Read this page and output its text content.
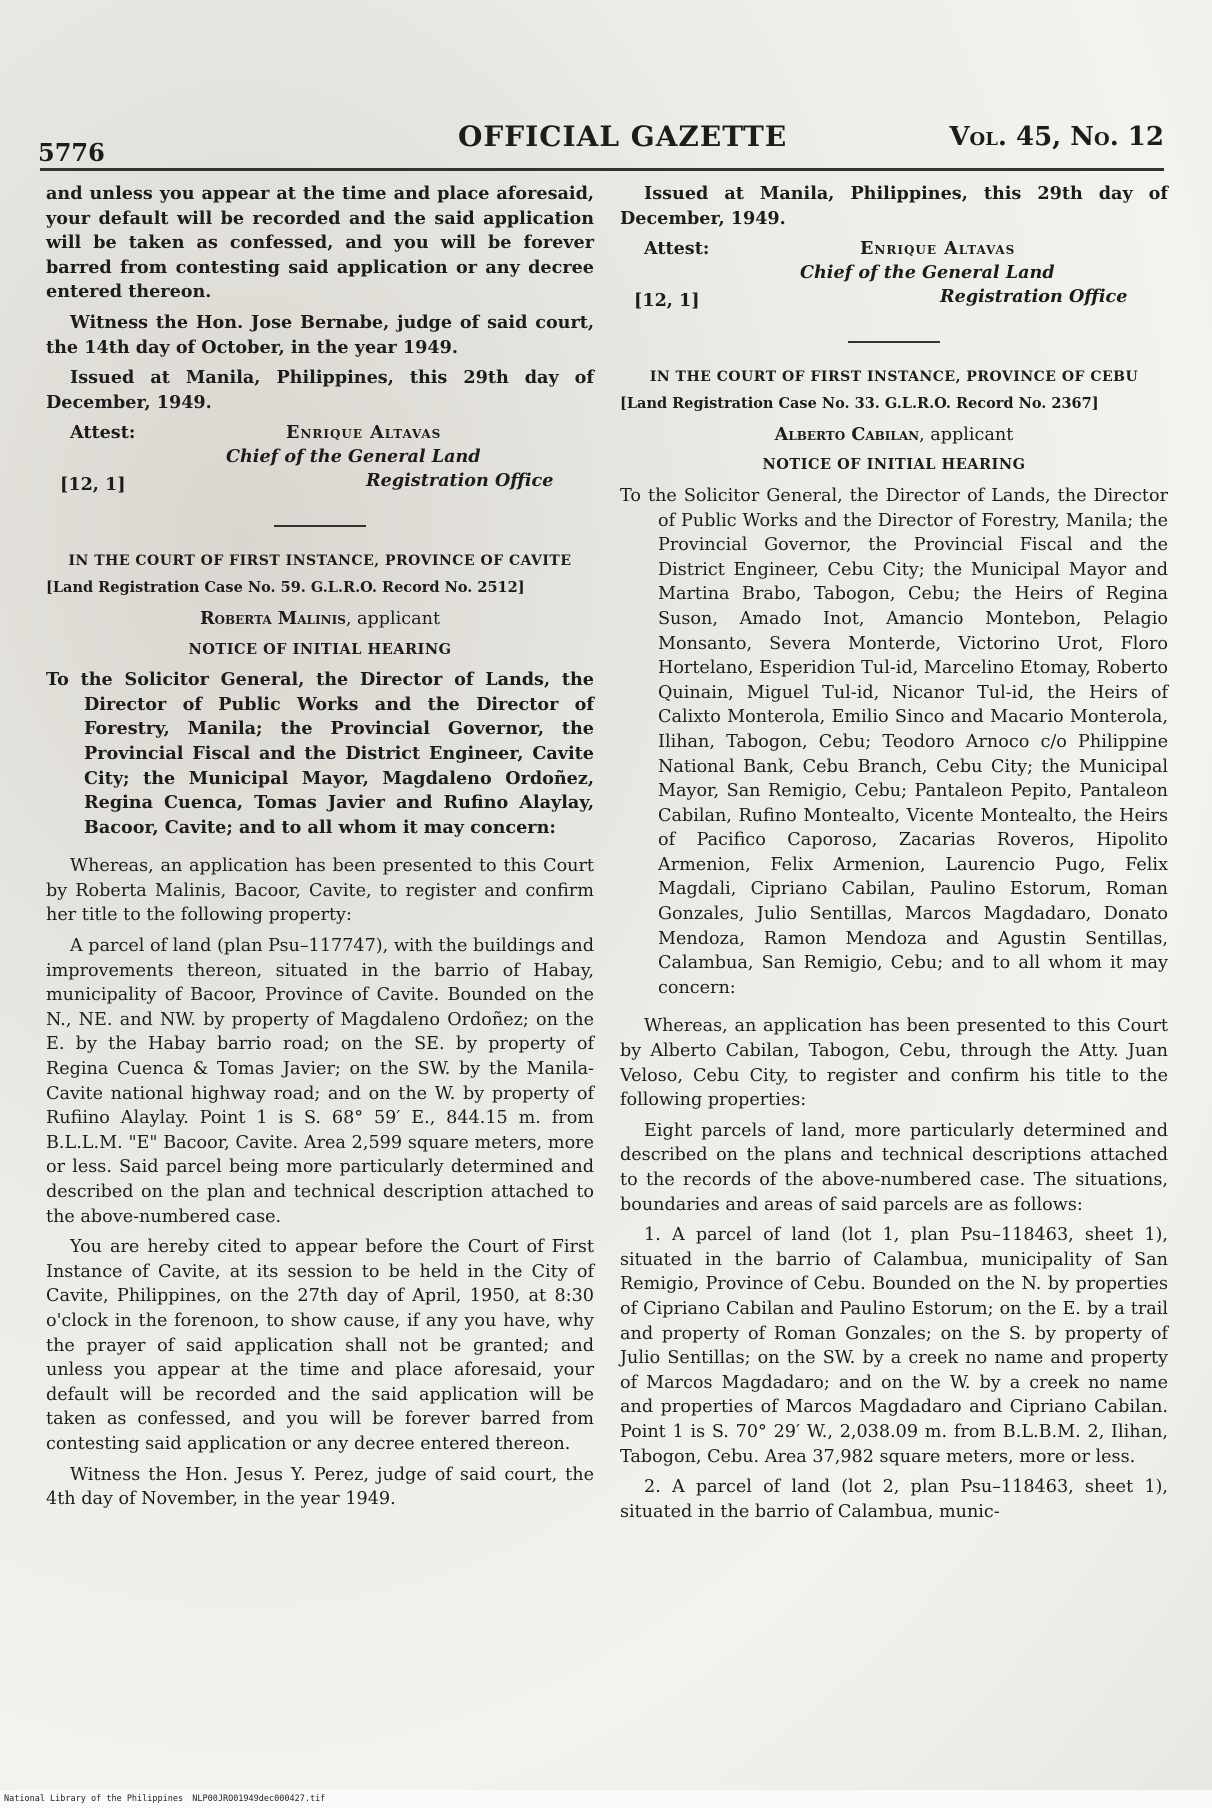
5776	OFFICIAL GAZETTE	Vol. 45, No. 12

and unless you appear at the time and place aforesaid, your default will be recorded and the said application will be taken as confessed, and you will be forever barred from contesting said application or any decree entered thereon.

Witness the Hon. Jose Bernabe, judge of said court, the 14th day of October, in the year 1949.

Issued at Manila, Philippines, this 29th day of December, 1949.

Attest:	Enrique Altavas
Chief of the General Land
[12, 1]	Registration Office

IN THE COURT OF FIRST INSTANCE, PROVINCE OF CAVITE

[Land Registration Case No. 59. G.L.R.O. Record No. 2512]

Roberta Malinis, applicant

NOTICE OF INITIAL HEARING

To the Solicitor General, the Director of Lands, the Director of Public Works and the Director of Forestry, Manila; the Provincial Governor, the Provincial Fiscal and the District Engineer, Cavite City; the Municipal Mayor, Magdaleno Ordoñez, Regina Cuenca, Tomas Javier and Rufino Alaylay, Bacoor, Cavite; and to all whom it may concern:

Whereas, an application has been presented to this Court by Roberta Malinis, Bacoor, Cavite, to register and confirm her title to the following property:

A parcel of land (plan Psu–117747), with the buildings and improvements thereon, situated in the barrio of Habay, municipality of Bacoor, Province of Cavite. Bounded on the N., NE. and NW. by property of Magdaleno Ordoñez; on the E. by the Habay barrio road; on the SE. by property of Regina Cuenca & Tomas Javier; on the SW. by the Manila-Cavite national highway road; and on the W. by property of Rufiino Alaylay. Point 1 is S. 68° 59′ E., 844.15 m. from B.L.L.M. "E" Bacoor, Cavite. Area 2,599 square meters, more or less. Said parcel being more particularly determined and described on the plan and technical description attached to the above-numbered case.

You are hereby cited to appear before the Court of First Instance of Cavite, at its session to be held in the City of Cavite, Philippines, on the 27th day of April, 1950, at 8:30 o'clock in the forenoon, to show cause, if any you have, why the prayer of said application shall not be granted; and unless you appear at the time and place aforesaid, your default will be recorded and the said application will be taken as confessed, and you will be forever barred from contesting said application or any decree entered thereon.

Witness the Hon. Jesus Y. Perez, judge of said court, the 4th day of November, in the year 1949.

Issued at Manila, Philippines, this 29th day of December, 1949.

Attest:	Enrique Altavas
Chief of the General Land
[12, 1]	Registration Office

IN THE COURT OF FIRST INSTANCE, PROVINCE OF CEBU

[Land Registration Case No. 33. G.L.R.O. Record No. 2367]

Alberto Cabilan, applicant

NOTICE OF INITIAL HEARING

To the Solicitor General, the Director of Lands, the Director of Public Works and the Director of Forestry, Manila; the Provincial Governor, the Provincial Fiscal and the District Engineer, Cebu City; the Municipal Mayor and Martina Brabo, Tabogon, Cebu; the Heirs of Regina Suson, Amado Inot, Amancio Montebon, Pelagio Monsanto, Severa Monterde, Victorino Urot, Floro Hortelano, Esperidion Tul-id, Marcelino Etomay, Roberto Quinain, Miguel Tul-id, Nicanor Tul-id, the Heirs of Calixto Monterola, Emilio Sinco and Macario Monterola, Ilihan, Tabogon, Cebu; Teodoro Arnoco c/o Philippine National Bank, Cebu Branch, Cebu City; the Municipal Mayor, San Remigio, Cebu; Pantaleon Pepito, Pantaleon Cabilan, Rufino Montealto, Vicente Montealto, the Heirs of Pacifico Caporoso, Zacarias Roveros, Hipolito Armenion, Felix Armenion, Laurencio Pugo, Felix Magdali, Cipriano Cabilan, Paulino Estorum, Roman Gonzales, Julio Sentillas, Marcos Magdadaro, Donato Mendoza, Ramon Mendoza and Agustin Sentillas, Calambua, San Remigio, Cebu; and to all whom it may concern:

Whereas, an application has been presented to this Court by Alberto Cabilan, Tabogon, Cebu, through the Atty. Juan Veloso, Cebu City, to register and confirm his title to the following properties:

Eight parcels of land, more particularly determined and described on the plans and technical descriptions attached to the records of the above-numbered case. The situations, boundaries and areas of said parcels are as follows:

1. A parcel of land (lot 1, plan Psu–118463, sheet 1), situated in the barrio of Calambua, municipality of San Remigio, Province of Cebu. Bounded on the N. by properties of Cipriano Cabilan and Paulino Estorum; on the E. by a trail and property of Roman Gonzales; on the S. by property of Julio Sentillas; on the SW. by a creek no name and property of Marcos Magdadaro; and on the W. by a creek no name and properties of Marcos Magdadaro and Cipriano Cabilan. Point 1 is S. 70° 29′ W., 2,038.09 m. from B.L.B.M. 2, Ilihan, Tabogon, Cebu. Area 37,982 square meters, more or less.

2. A parcel of land (lot 2, plan Psu–118463, sheet 1), situated in the barrio of Calambua, munic-

National Library of the Philippines NLP00JRO01949dec000427.tif
